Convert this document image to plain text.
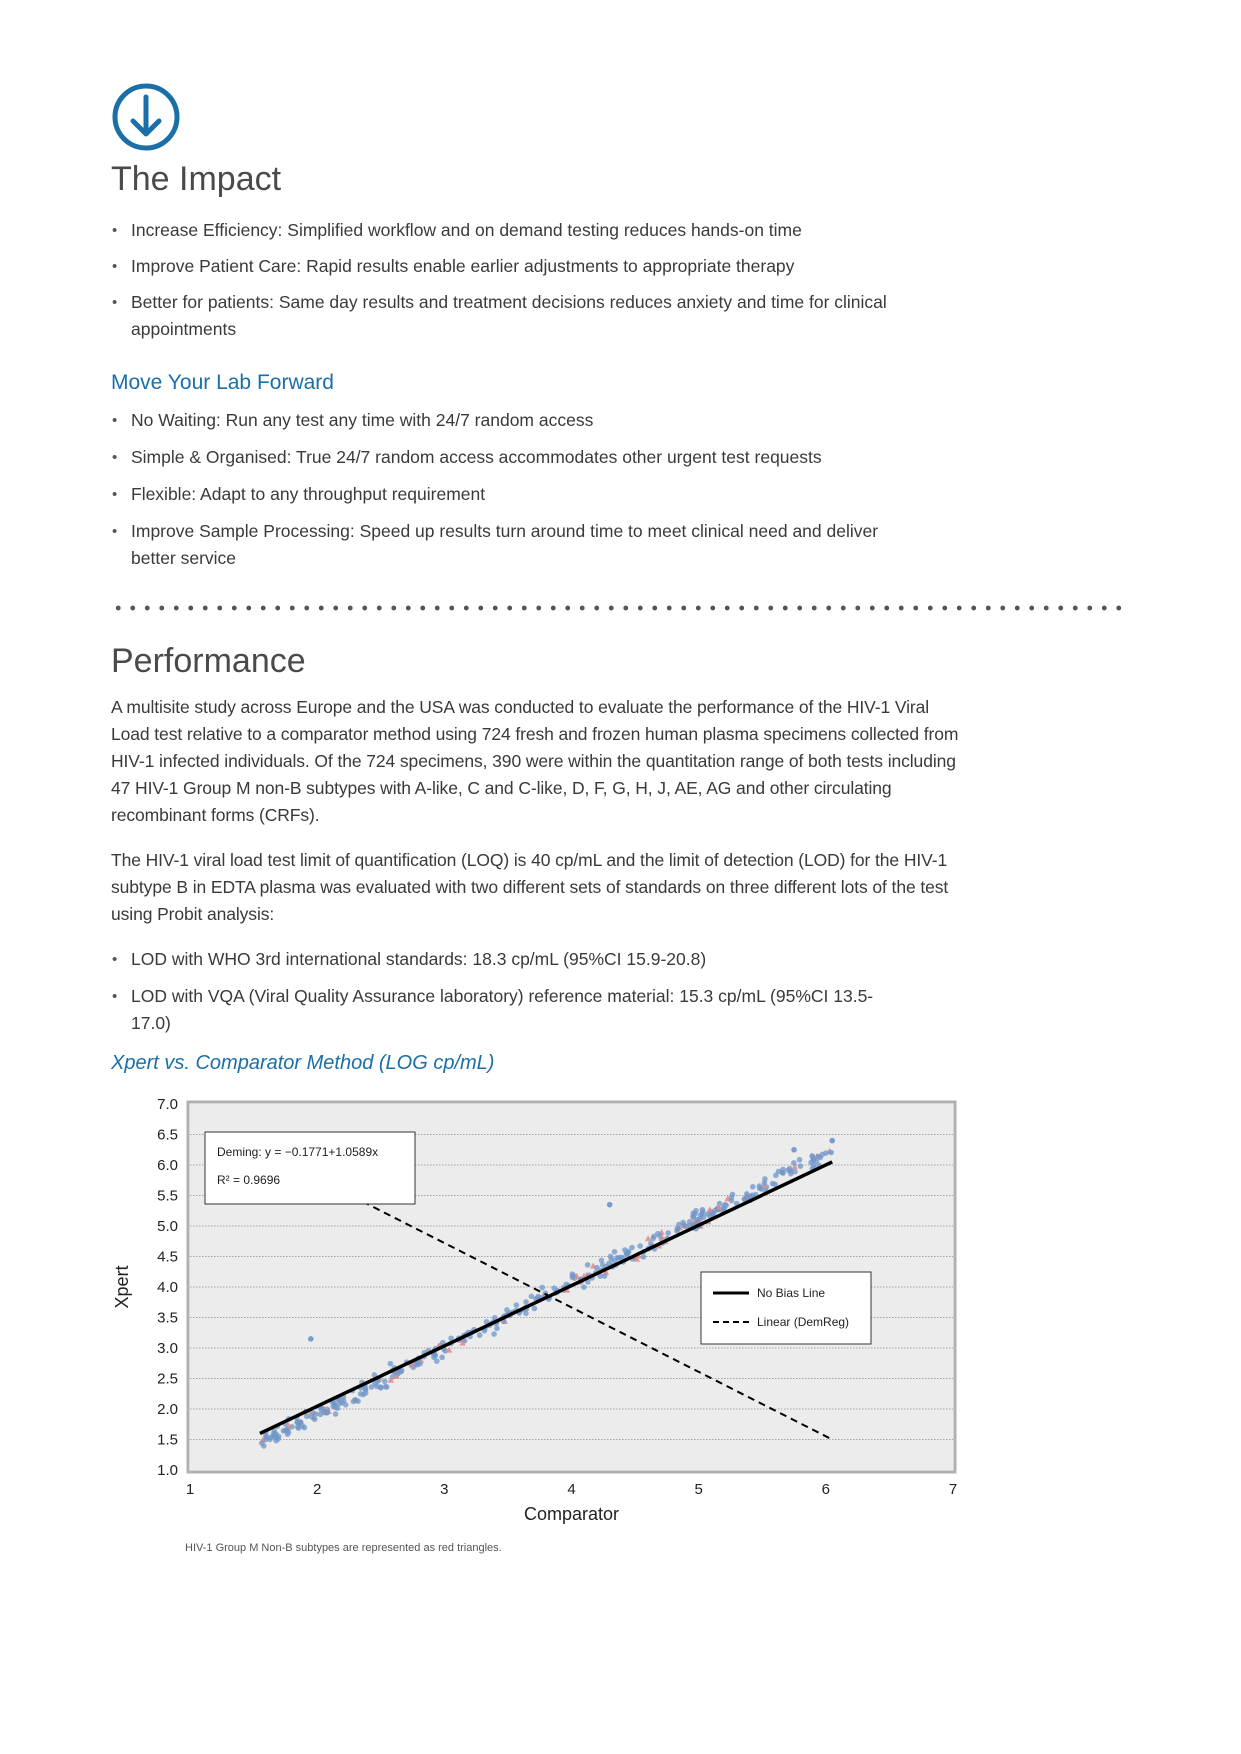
The Impact
• Increase Efficiency: Simplified workflow and on demand testing reduces hands-on time
• Improve Patient Care: Rapid results enable earlier adjustments to appropriate therapy
• Better for patients: Same day results and treatment decisions reduces anxiety and time for clinical appointments
Move Your Lab Forward
• No Waiting: Run any test any time with 24/7 random access
• Simple & Organised: True 24/7 random access accommodates other urgent test requests
• Flexible: Adapt to any throughput requirement
• Improve Sample Processing: Speed up results turn around time to meet clinical need and deliver better service
Performance

A multisite study across Europe and the USA was conducted to evaluate the performance of the HIV-1 Viral Load test relative to a comparator method using 724 fresh and frozen human plasma specimens collected from HIV-1 infected individuals. Of the 724 specimens, 390 were within the quantitation range of both tests including 47 HIV-1 Group M non-B subtypes with A-like, C and C-like, D, F, G, H, J, AE, AG and other circulating recombinant forms (CRFs).

The HIV-1 viral load test limit of quantification (LOQ) is 40 cp/mL and the limit of detection (LOD) for the HIV-1 subtype B in EDTA plasma was evaluated with two different sets of standards on three different lots of the test using Probit analysis:

• LOD with WHO 3rd international standards: 18.3 cp/mL (95%CI 15.9-20.8)
• LOD with VQA (Viral Quality Assurance laboratory) reference material: 15.3 cp/mL (95%CI 13.5-17.0)
Xpert vs. Comparator Method (LOG cp/mL)
1.0
1.5
2.0
2.5
3.0
3.5
4.0
4.5
5.0
5.5
6.0
6.5
7.0
1	2	3	4	5	6	7
Comparator
Xpert
Deming: y = −0.1771+1.0589x
R² = 0.9696
No Bias Line
Linear (DemReg)
HIV-1 Group M Non-B subtypes are represented as red triangles.
